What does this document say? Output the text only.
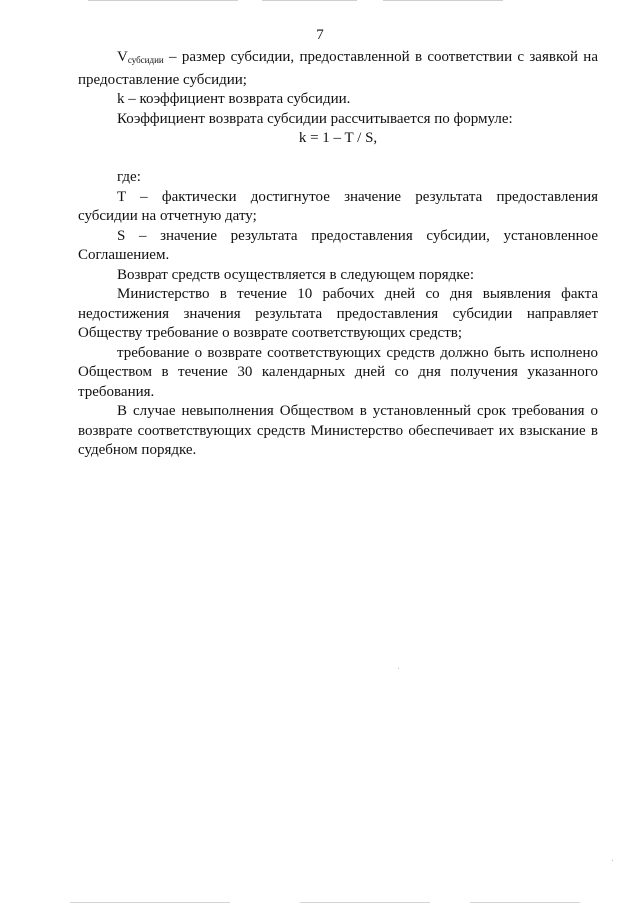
7

$V_{субсидии}$ – размер субсидии, предоставленной в соответствии с заявкой на предоставление субсидии;

k – коэффициент возврата субсидии.

Коэффициент возврата субсидии рассчитывается по формуле:

k = 1 – T / S,

где:

T – фактически достигнутое значение результата предоставления субсидии на отчетную дату;

S – значение результата предоставления субсидии, установленное Соглашением.

Возврат средств осуществляется в следующем порядке:

Министерство в течение 10 рабочих дней со дня выявления факта недостижения значения результата предоставления субсидии направляет Обществу требование о возврате соответствующих средств;

требование о возврате соответствующих средств должно быть исполнено Обществом в течение 30 календарных дней со дня получения указанного требования.

В случае невыполнения Обществом в установленный срок требования о возврате соответствующих средств Министерство обеспечивает их взыскание в судебном порядке.
